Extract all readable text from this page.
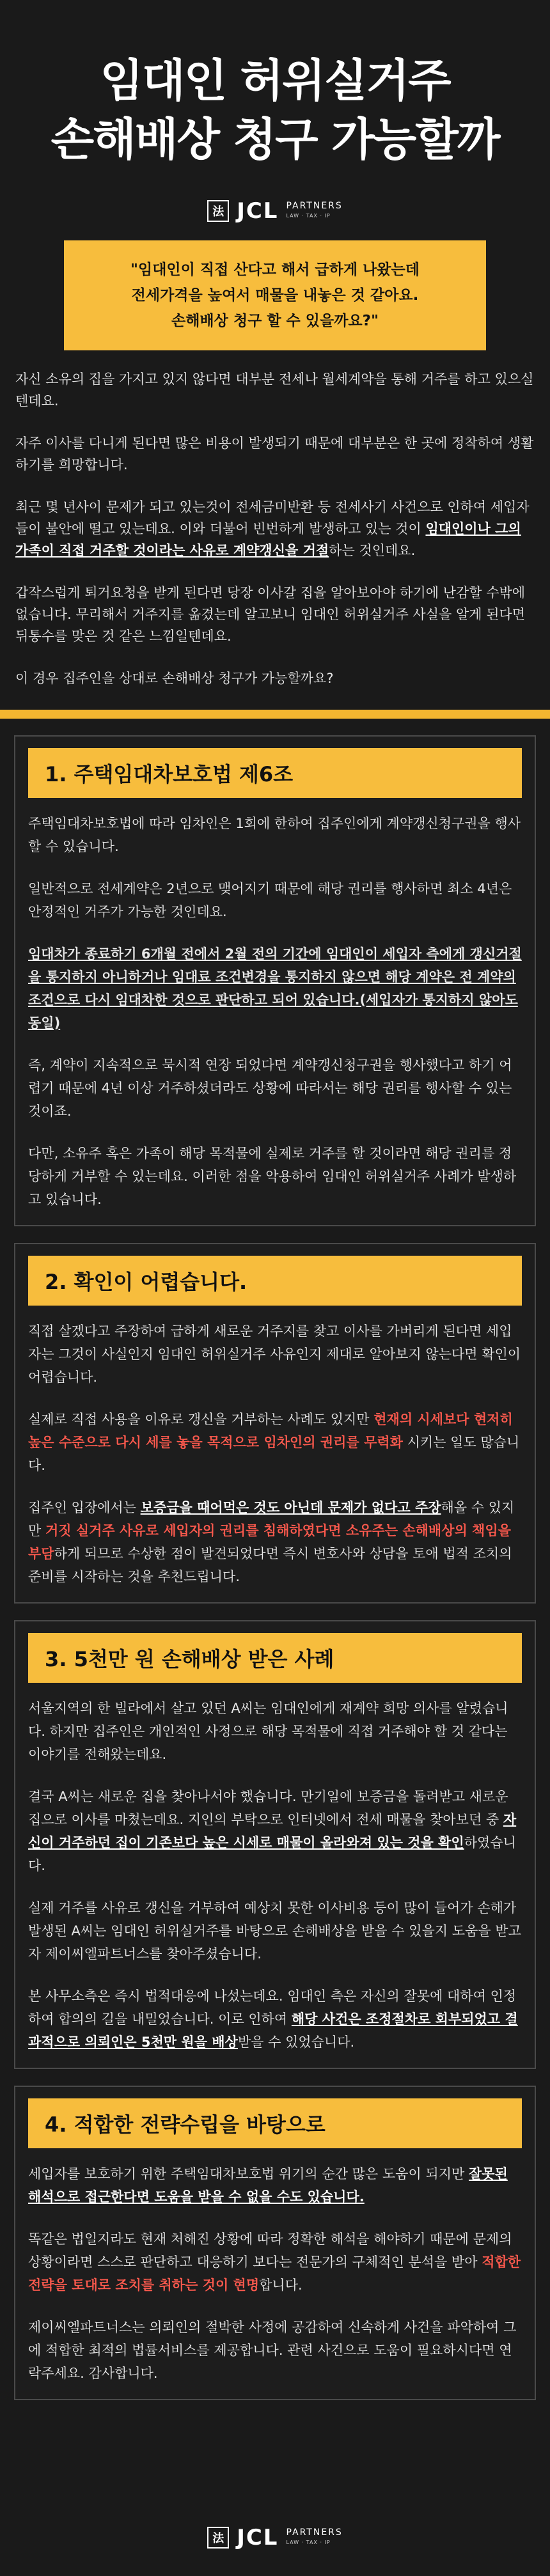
임대인 허위실거주
손해배상 청구 가능할까
法 JCL PARTNERS
LAW · TAX · IP
"임대인이 직접 산다고 해서 급하게 나왔는데
전세가격을 높여서 매물을 내놓은 것 같아요.
손해배상 청구 할 수 있을까요?"

자신 소유의 집을 가지고 있지 않다면 대부분 전세나 월세계약을 통해 거주를 하고 있으실텐데요.

자주 이사를 다니게 된다면 많은 비용이 발생되기 때문에 대부분은 한 곳에 정착하여 생활하기를 희망합니다.

최근 몇 년사이 문제가 되고 있는것이 전세금미반환 등 전세사기 사건으로 인하여 세입자들이 불안에 떨고 있는데요. 이와 더불어 빈번하게 발생하고 있는 것이 임대인이나 그의 가족이 직접 거주할 것이라는 사유로 계약갱신을 거절하는 것인데요.

갑작스럽게 퇴거요청을 받게 된다면 당장 이사갈 집을 알아보아야 하기에 난감할 수밖에 없습니다. 무리해서 거주지를 옮겼는데 알고보니 임대인 허위실거주 사실을 알게 된다면 뒤통수를 맞은 것 같은 느낌일텐데요.

이 경우 집주인을 상대로 손해배상 청구가 가능할까요?

1. 주택임대차보호법 제6조

주택임대차보호법에 따라 임차인은 1회에 한하여 집주인에게 계약갱신청구권을 행사할 수 있습니다.

일반적으로 전세계약은 2년으로 맺어지기 때문에 해당 권리를 행사하면 최소 4년은 안정적인 거주가 가능한 것인데요.

임대차가 종료하기 6개월 전에서 2월 전의 기간에 임대인이 세입자 측에게 갱신거절을 통지하지 아니하거나 임대료 조건변경을 통지하지 않으면 해당 계약은 전 계약의 조건으로 다시 임대차한 것으로 판단하고 되어 있습니다.(세입자가 통지하지 않아도 동일)

즉, 계약이 지속적으로 묵시적 연장 되었다면 계약갱신청구권을 행사했다고 하기 어렵기 때문에 4년 이상 거주하셨더라도 상황에 따라서는 해당 권리를 행사할 수 있는 것이죠.

다만, 소유주 혹은 가족이 해당 목적물에 실제로 거주를 할 것이라면 해당 권리를 정당하게 거부할 수 있는데요. 이러한 점을 악용하여 임대인 허위실거주 사례가 발생하고 있습니다.

2. 확인이 어렵습니다.

직접 살겠다고 주장하여 급하게 새로운 거주지를 찾고 이사를 가버리게 된다면 세입자는 그것이 사실인지 임대인 허위실거주 사유인지 제대로 알아보지 않는다면 확인이 어렵습니다.

실제로 직접 사용을 이유로 갱신을 거부하는 사례도 있지만 현재의 시세보다 현저히 높은 수준으로 다시 세를 놓을 목적으로 임차인의 권리를 무력화 시키는 일도 많습니다.

집주인 입장에서는 보증금을 때어먹은 것도 아닌데 문제가 없다고 주장해올 수 있지만 거짓 실거주 사유로 세입자의 권리를 침해하였다면 소유주는 손해배상의 책임을 부담하게 되므로 수상한 점이 발견되었다면 즉시 변호사와 상담을 토애 법적 조치의 준비를 시작하는 것을 추천드립니다.

3. 5천만 원 손해배상 받은 사례

서울지역의 한 빌라에서 살고 있던 A씨는 임대인에게 재계약 희망 의사를 알렸습니다. 하지만 집주인은 개인적인 사정으로 해당 목적물에 직접 거주해야 할 것 같다는 이야기를 전해왔는데요.

결국 A씨는 새로운 집을 찾아나서야 했습니다. 만기일에 보증금을 돌려받고 새로운 집으로 이사를 마쳤는데요. 지인의 부탁으로 인터넷에서 전세 매물을 찾아보던 중 자신이 거주하던 집이 기존보다 높은 시세로 매물이 올라와져 있는 것을 확인하였습니다.

실제 거주를 사유로 갱신을 거부하여 예상치 못한 이사비용 등이 많이 들어가 손해가 발생된 A씨는 임대인 허위실거주를 바탕으로 손해배상을 받을 수 있을지 도움을 받고자 제이씨엘파트너스를 찾아주셨습니다.

본 사무소측은 즉시 법적대응에 나섰는데요. 임대인 측은 자신의 잘못에 대하여 인정하여 합의의 길을 내밀었습니다. 이로 인하여 해당 사건은 조정절차로 회부되었고 결과적으로 의뢰인은 5천만 원을 배상받을 수 있었습니다.

4. 적합한 전략수립을 바탕으로

세입자를 보호하기 위한 주택임대차보호법 위기의 순간 많은 도움이 되지만 잘못된 해석으로 접근한다면 도움을 받을 수 없을 수도 있습니다.

똑같은 법일지라도 현재 처해진 상황에 따라 정확한 해석을 해야하기 때문에 문제의 상황이라면 스스로 판단하고 대응하기 보다는 전문가의 구체적인 분석을 받아 적합한 전략을 토대로 조치를 취하는 것이 현명합니다.

제이씨엘파트너스는 의뢰인의 절박한 사정에 공감하여 신속하게 사건을 파악하여 그에 적합한 최적의 법률서비스를 제공합니다. 관련 사건으로 도움이 필요하시다면 연락주세요. 감사합니다.

法 JCL PARTNERS
LAW · TAX · IP
